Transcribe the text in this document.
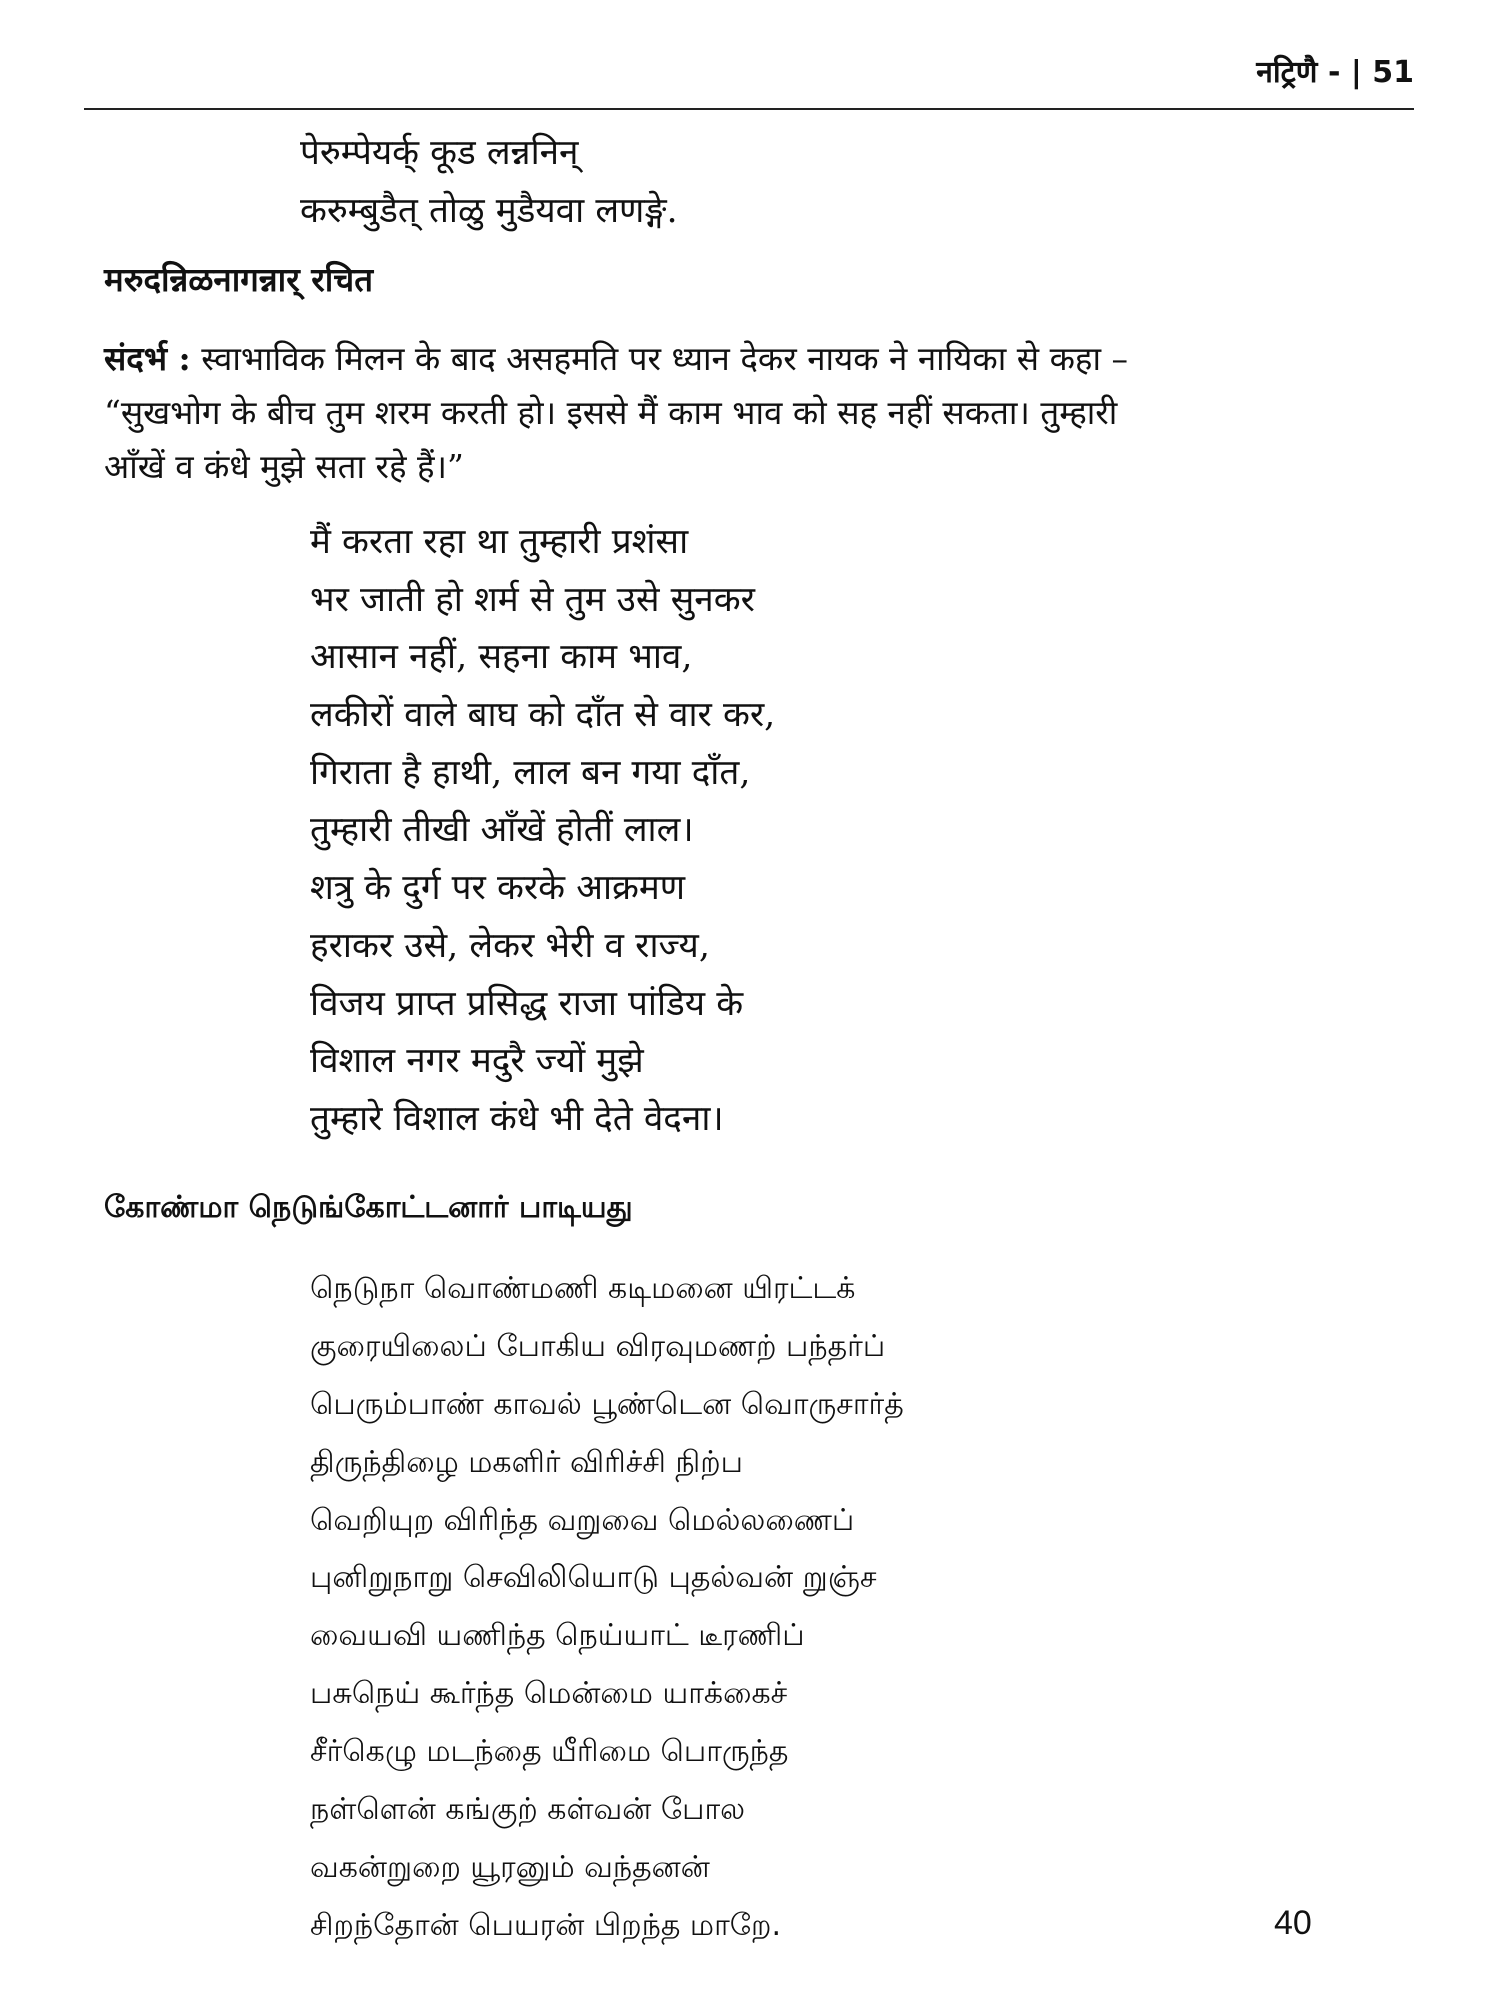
नट्रिणै - | 51
पेरुम्पेयर्क् कूड लन्ननिन्
करुम्बुडैत् तोळु मुडैयवा लणङ्गे.
मरुदन्निळनागन्नार् रचित

संदर्भ : स्वाभाविक मिलन के बाद असहमति पर ध्यान देकर नायक ने नायिका से कहा –
“सुखभोग के बीच तुम शरम करती हो। इससे मैं काम भाव को सह नहीं सकता। तुम्हारी
आँखें व कंधे मुझे सता रहे हैं।”

मैं करता रहा था तुम्हारी प्रशंसा
भर जाती हो शर्म से तुम उसे सुनकर
आसान नहीं, सहना काम भाव,
लकीरों वाले बाघ को दाँत से वार कर,
गिराता है हाथी, लाल बन गया दाँत,
तुम्हारी तीखी आँखें होतीं लाल।
शत्रु के दुर्ग पर करके आक्रमण
हराकर उसे, लेकर भेरी व राज्य,
विजय प्राप्त प्रसिद्ध राजा पांडिय के
विशाल नगर मदुरै ज्यों मुझे
तुम्हारे विशाल कंधे भी देते वेदना।
கோண்மா நெடுங்கோட்டனார் பாடியது
நெடுநா வொண்மணி கடிமனை யிரட்டக்
குரையிலைப் போகிய விரவுமணற் பந்தர்ப்
பெரும்பாண் காவல் பூண்டென வொருசார்த்
திருந்திழை மகளிர் விரிச்சி நிற்ப
வெறியுற விரிந்த வறுவை மெல்லணைப்
புனிறுநாறு செவிலியொடு புதல்வன் றுஞ்ச
வையவி யணிந்த நெய்யாட் டீரணிப்
பசுநெய் கூர்ந்த மென்மை யாக்கைச்
சீர்கெழு மடந்தை யீரிமை பொருந்த
நள்ளென் கங்குற் கள்வன் போல
வகன்றுறை யூரனும் வந்தனன்
சிறந்தோன் பெயரன் பிறந்த மாறே.	40
